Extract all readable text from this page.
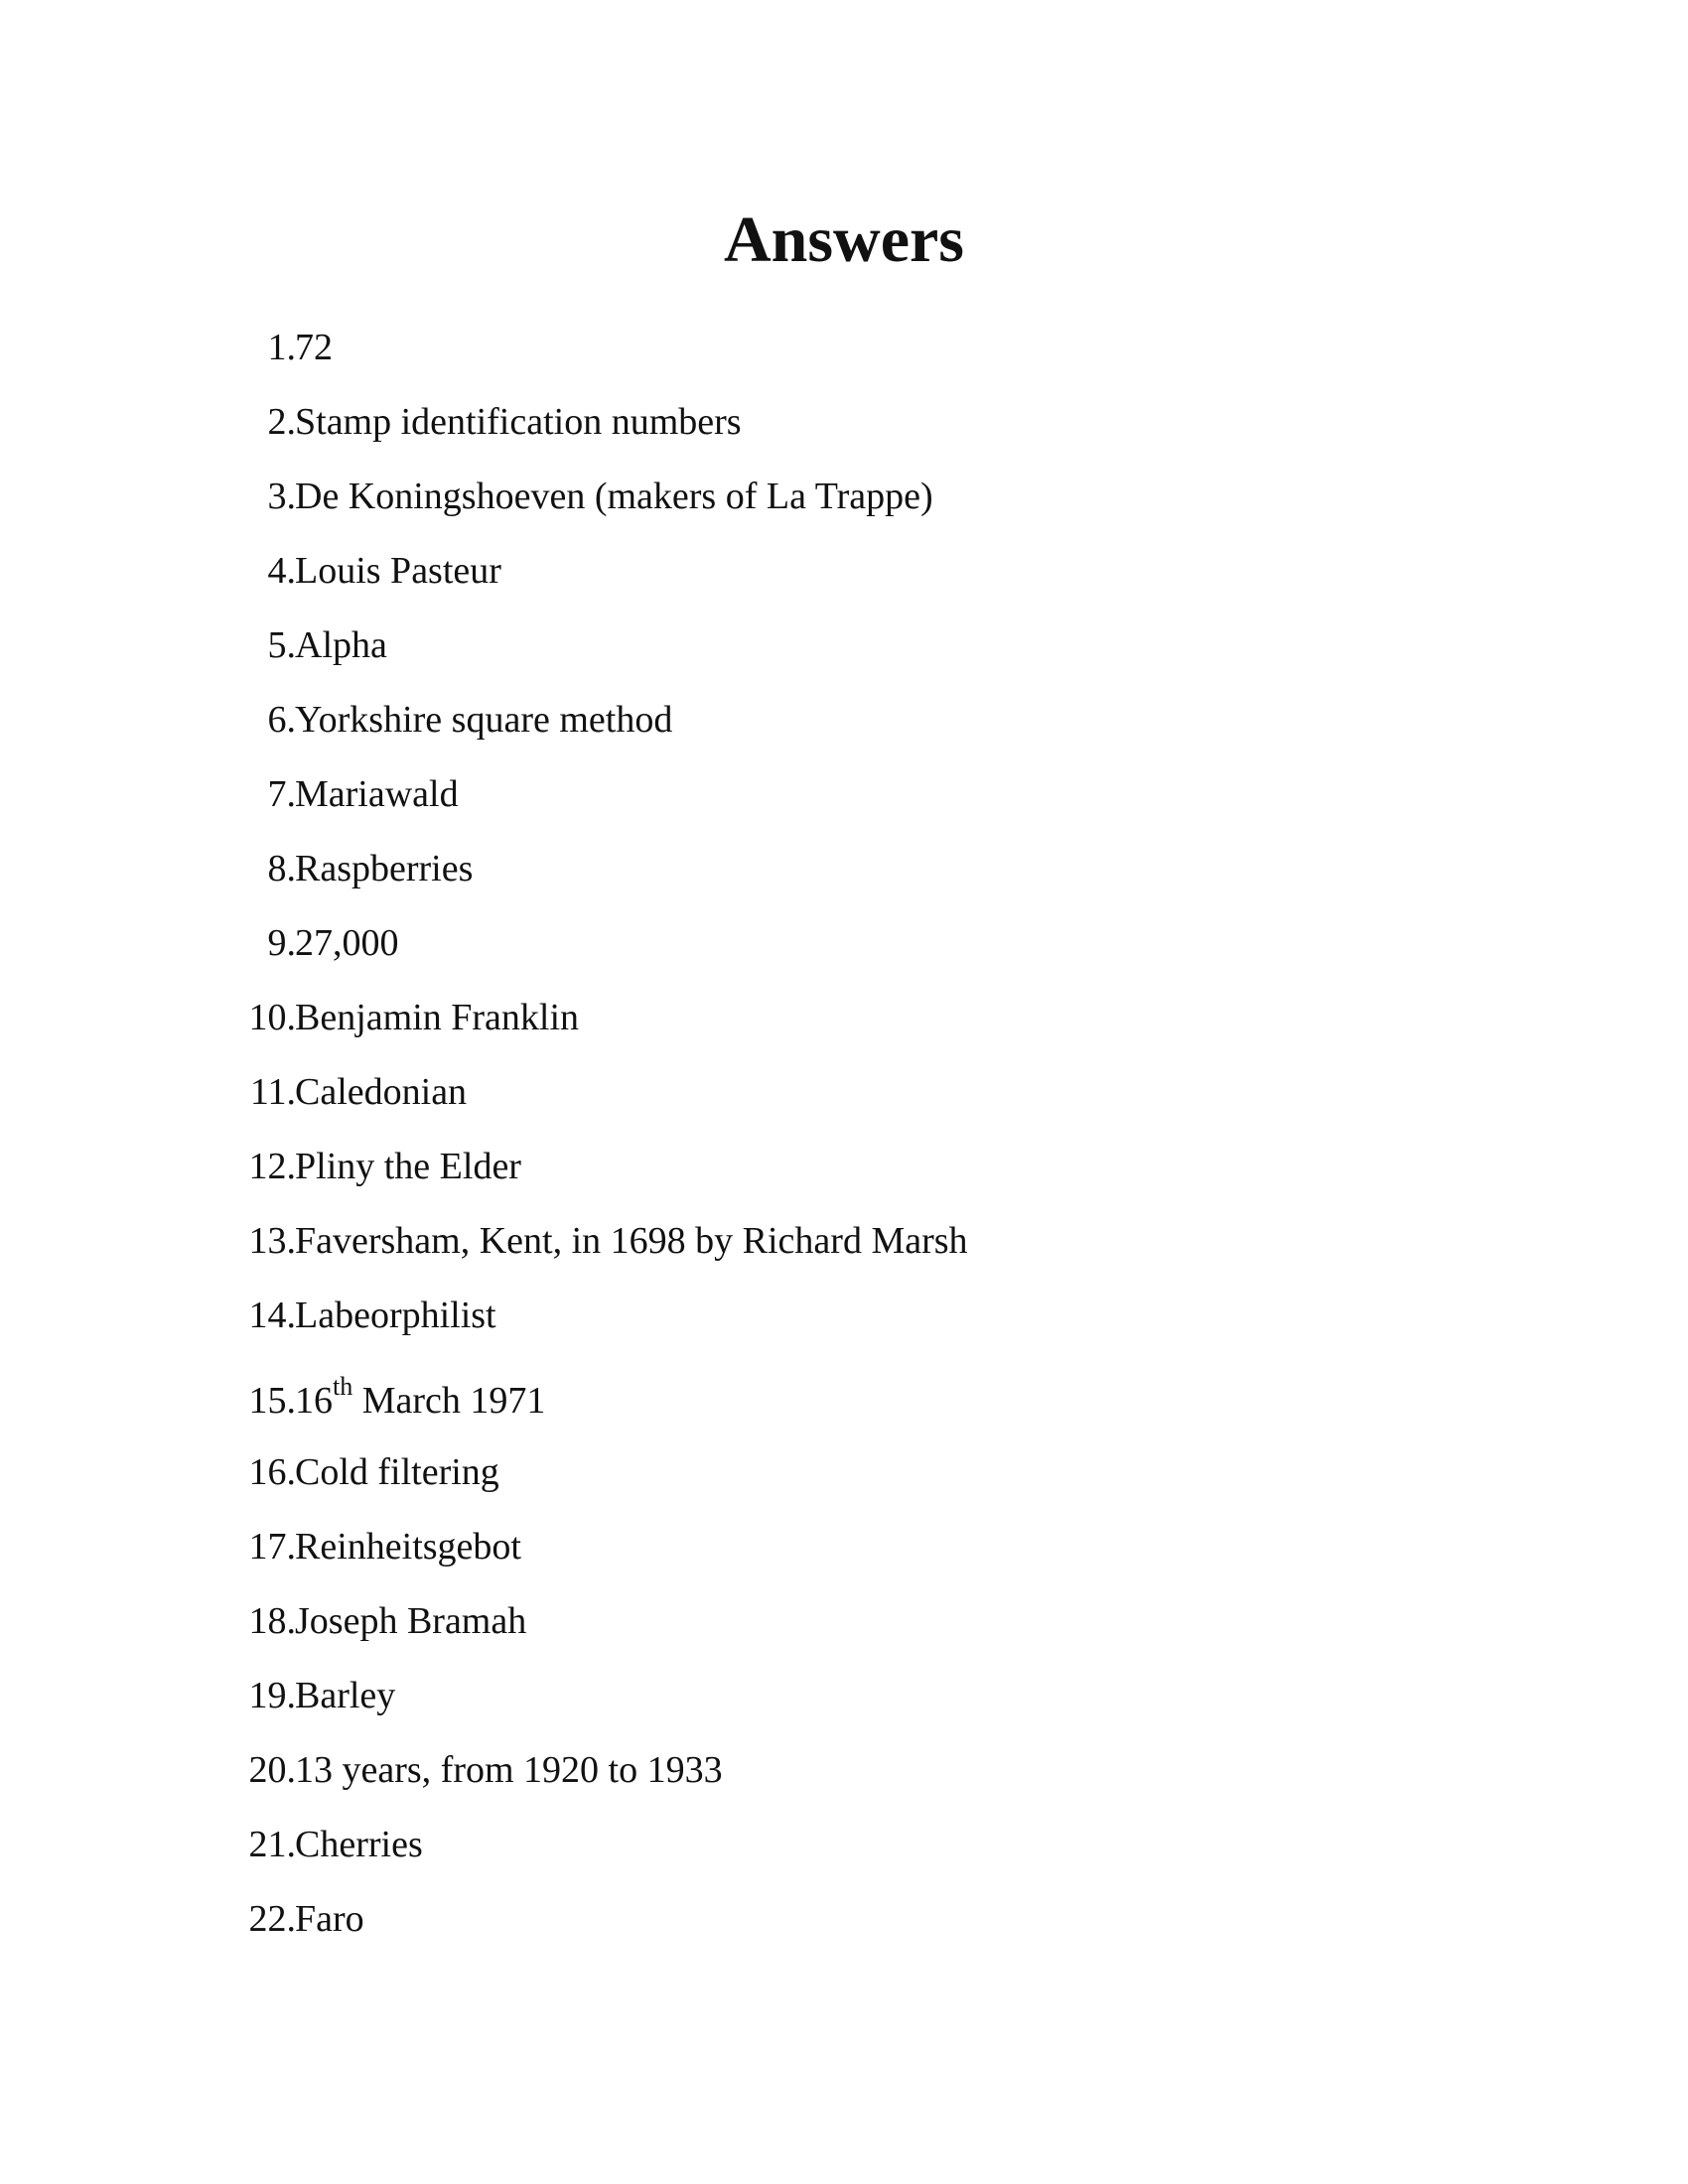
Answers
1. 72
2. Stamp identification numbers
3. De Koningshoeven (makers of La Trappe)
4. Louis Pasteur
5. Alpha
6. Yorkshire square method
7. Mariawald
8. Raspberries
9. 27,000
10. Benjamin Franklin
11. Caledonian
12. Pliny the Elder
13. Faversham, Kent, in 1698 by Richard Marsh
14. Labeorphilist
15. 16th March 1971
16. Cold filtering
17. Reinheitsgebot
18. Joseph Bramah
19. Barley
20. 13 years, from 1920 to 1933
21. Cherries
22. Faro
